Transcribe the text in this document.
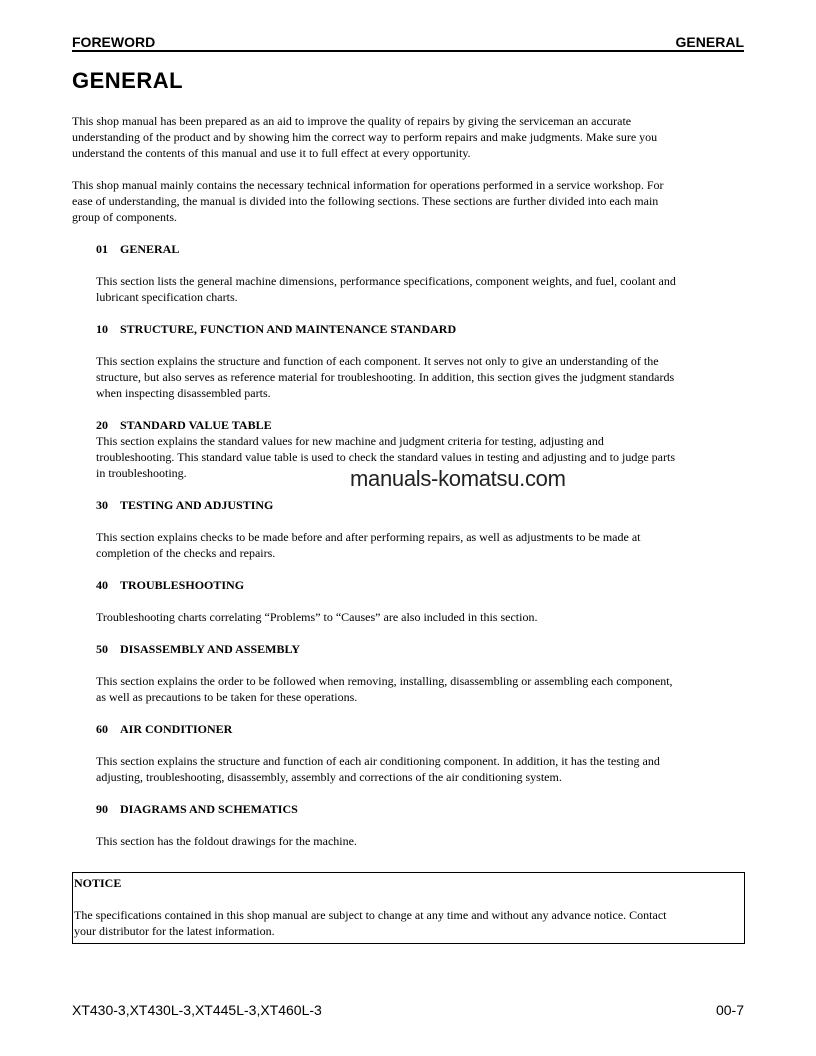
FOREWORD	GENERAL
GENERAL
This shop manual has been prepared as an aid to improve the quality of repairs by giving the serviceman an accurate
understanding of the product and by showing him the correct way to perform repairs and make judgments. Make sure you
understand the contents of this manual and use it to full effect at every opportunity.
This shop manual mainly contains the necessary technical information for operations performed in a service workshop. For
ease of understanding, the manual is divided into the following sections. These sections are further divided into each main
group of components.
01 GENERAL
This section lists the general machine dimensions, performance specifications, component weights, and fuel, coolant and
lubricant specification charts.
10 STRUCTURE, FUNCTION AND MAINTENANCE STANDARD
This section explains the structure and function of each component. It serves not only to give an understanding of the
structure, but also serves as reference material for troubleshooting. In addition, this section gives the judgment standards
when inspecting disassembled parts.
20 STANDARD VALUE TABLE
This section explains the standard values for new machine and judgment criteria for testing, adjusting and
troubleshooting. This standard value table is used to check the standard values in testing and adjusting and to judge parts
in troubleshooting.
30 TESTING AND ADJUSTING
This section explains checks to be made before and after performing repairs, as well as adjustments to be made at
completion of the checks and repairs.
40 TROUBLESHOOTING
Troubleshooting charts correlating “Problems” to “Causes” are also included in this section.
50 DISASSEMBLY AND ASSEMBLY
This section explains the order to be followed when removing, installing, disassembling or assembling each component,
as well as precautions to be taken for these operations.
60 AIR CONDITIONER
This section explains the structure and function of each air conditioning component. In addition, it has the testing and
adjusting, troubleshooting, disassembly, assembly and corrections of the air conditioning system.
90 DIAGRAMS AND SCHEMATICS
This section has the foldout drawings for the machine.
NOTICE
The specifications contained in this shop manual are subject to change at any time and without any advance notice. Contact
your distributor for the latest information.
manuals-komatsu.com
XT430-3,XT430L-3,XT445L-3,XT460L-3	00-7
